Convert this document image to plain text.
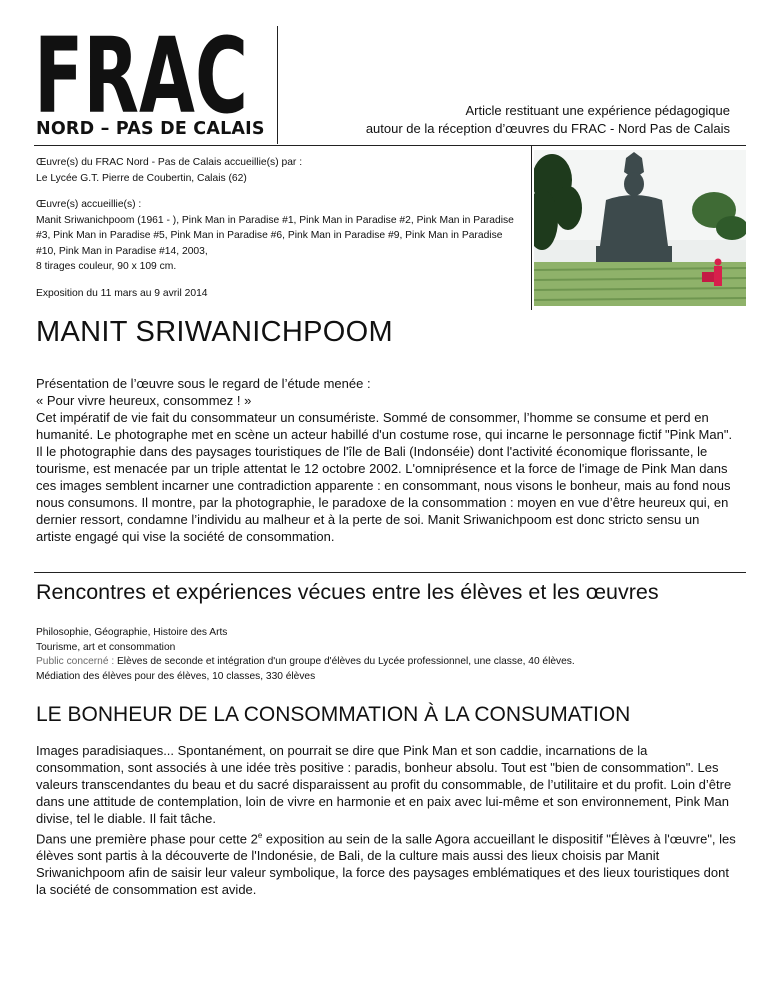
FRAC
NORD – PAS DE CALAIS
Article restituant une expérience pédagogique
autour de la réception d’œuvres du FRAC - Nord Pas de Calais

Œuvre(s) du FRAC Nord - Pas de Calais accueillie(s) par :
Le Lycée G.T. Pierre de Coubertin, Calais (62)

Œuvre(s) accueillie(s) :
Manit Sriwanichpoom (1961 - ), Pink Man in Paradise #1, Pink Man in Paradise #2, Pink Man in Paradise #3, Pink Man in Paradise #5, Pink Man in Paradise #6, Pink Man in Paradise #9, Pink Man in Paradise #10, Pink Man in Paradise #14, 2003,
8 tirages couleur, 90 x 109 cm.

Exposition du 11 mars au 9 avril 2014

MANIT SRIWANICHPOOM

Présentation de l’œuvre sous le regard de l’étude menée :

« Pour vivre heureux, consommez ! »

Cet impératif de vie fait du consommateur un consumériste. Sommé de consommer, l’homme se consume et perd en humanité. Le photographe met en scène un acteur habillé d'un costume rose, qui incarne le personnage fictif "Pink Man". Il le photographie dans des paysages touristiques de l'île de Bali (Indonséie) dont l'activité économique florissante, le tourisme, est menacée par un triple attentat le 12 octobre 2002. L'omniprésence et la force de l'image de Pink Man dans ces images semblent incarner une contradiction apparente : en consommant, nous visons le bonheur, mais au fond nous nous consumons. Il montre, par la photographie, le paradoxe de la consommation : moyen en vue d’être heureux qui, en dernier ressort, condamne l’individu au malheur et à la perte de soi. Manit Sriwanichpoom est donc stricto sensu un artiste engagé qui vise la société de consommation.

Rencontres et expériences vécues entre les élèves et les œuvres
Philosophie, Géographie, Histoire des Arts
Tourisme, art et consommation
Public concerné : Elèves de seconde et intégration d'un groupe d'élèves du Lycée professionnel, une classe, 40 élèves.
Médiation des élèves pour des élèves, 10 classes, 330 élèves
LE BONHEUR DE LA CONSOMMATION À LA CONSUMATION

Images paradisiaques... Spontanément, on pourrait se dire que Pink Man et son caddie, incarnations de la consommation, sont associés à une idée très positive : paradis, bonheur absolu. Tout est "bien de consommation". Les valeurs transcendantes du beau et du sacré disparaissent au profit du consommable, de l’utilitaire et du profit. Loin d’être dans une attitude de contemplation, loin de vivre en harmonie et en paix avec lui-même et son environnement, Pink Man divise, tel le diable. Il fait tâche.

Dans une première phase pour cette 2e exposition au sein de la salle Agora accueillant le dispositif "Élèves à l'œuvre", les élèves sont partis à la découverte de l'Indonésie, de Bali, de la culture mais aussi des lieux choisis par Manit Sriwanichpoom afin de saisir leur valeur symbolique, la force des paysages emblématiques et des lieux touristiques dont la société de consommation est avide.
